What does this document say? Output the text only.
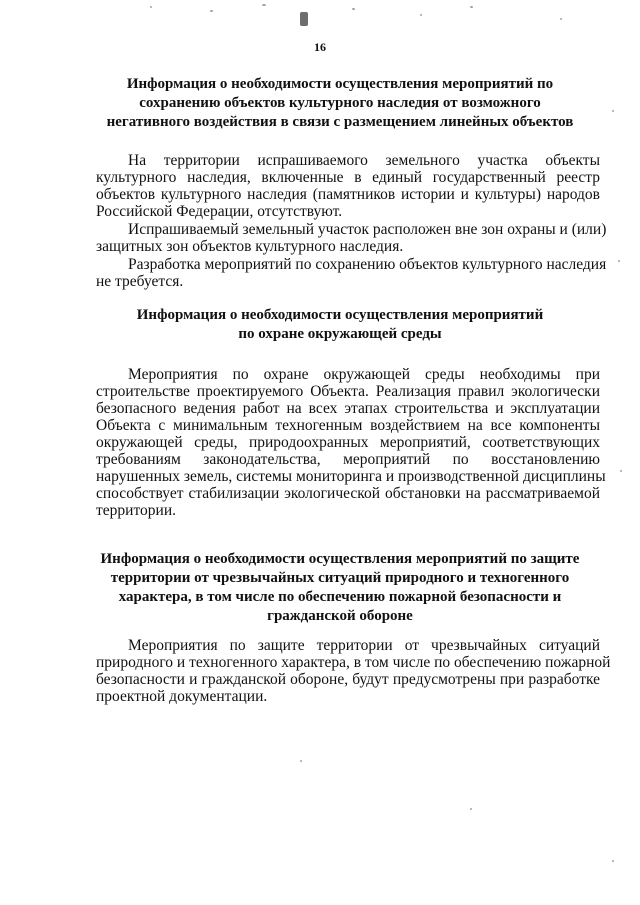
16
Информация о необходимости осуществления мероприятий по
сохранению объектов культурного наследия от возможного
негативного воздействия в связи с размещением линейных объектов
На территории испрашиваемого земельного участка объекты
культурного наследия, включенные в единый государственный реестр
объектов культурного наследия (памятников истории и культуры) народов
Российской Федерации, отсутствуют.
Испрашиваемый земельный участок расположен вне зон охраны и (или)
защитных зон объектов культурного наследия.
Разработка мероприятий по сохранению объектов культурного наследия
не требуется.
Информация о необходимости осуществления мероприятий
по охране окружающей среды
Мероприятия по охране окружающей среды необходимы при
строительстве проектируемого Объекта. Реализация правил экологически
безопасного ведения работ на всех этапах строительства и эксплуатации
Объекта с минимальным техногенным воздействием на все компоненты
окружающей среды, природоохранных мероприятий, соответствующих
требованиям законодательства, мероприятий по восстановлению
нарушенных земель, системы мониторинга и производственной дисциплины
способствует стабилизации экологической обстановки на рассматриваемой
территории.
Информация о необходимости осуществления мероприятий по защите
территории от чрезвычайных ситуаций природного и техногенного
характера, в том числе по обеспечению пожарной безопасности и
гражданской обороне
Мероприятия по защите территории от чрезвычайных ситуаций
природного и техногенного характера, в том числе по обеспечению пожарной
безопасности и гражданской обороне, будут предусмотрены при разработке
проектной документации.
